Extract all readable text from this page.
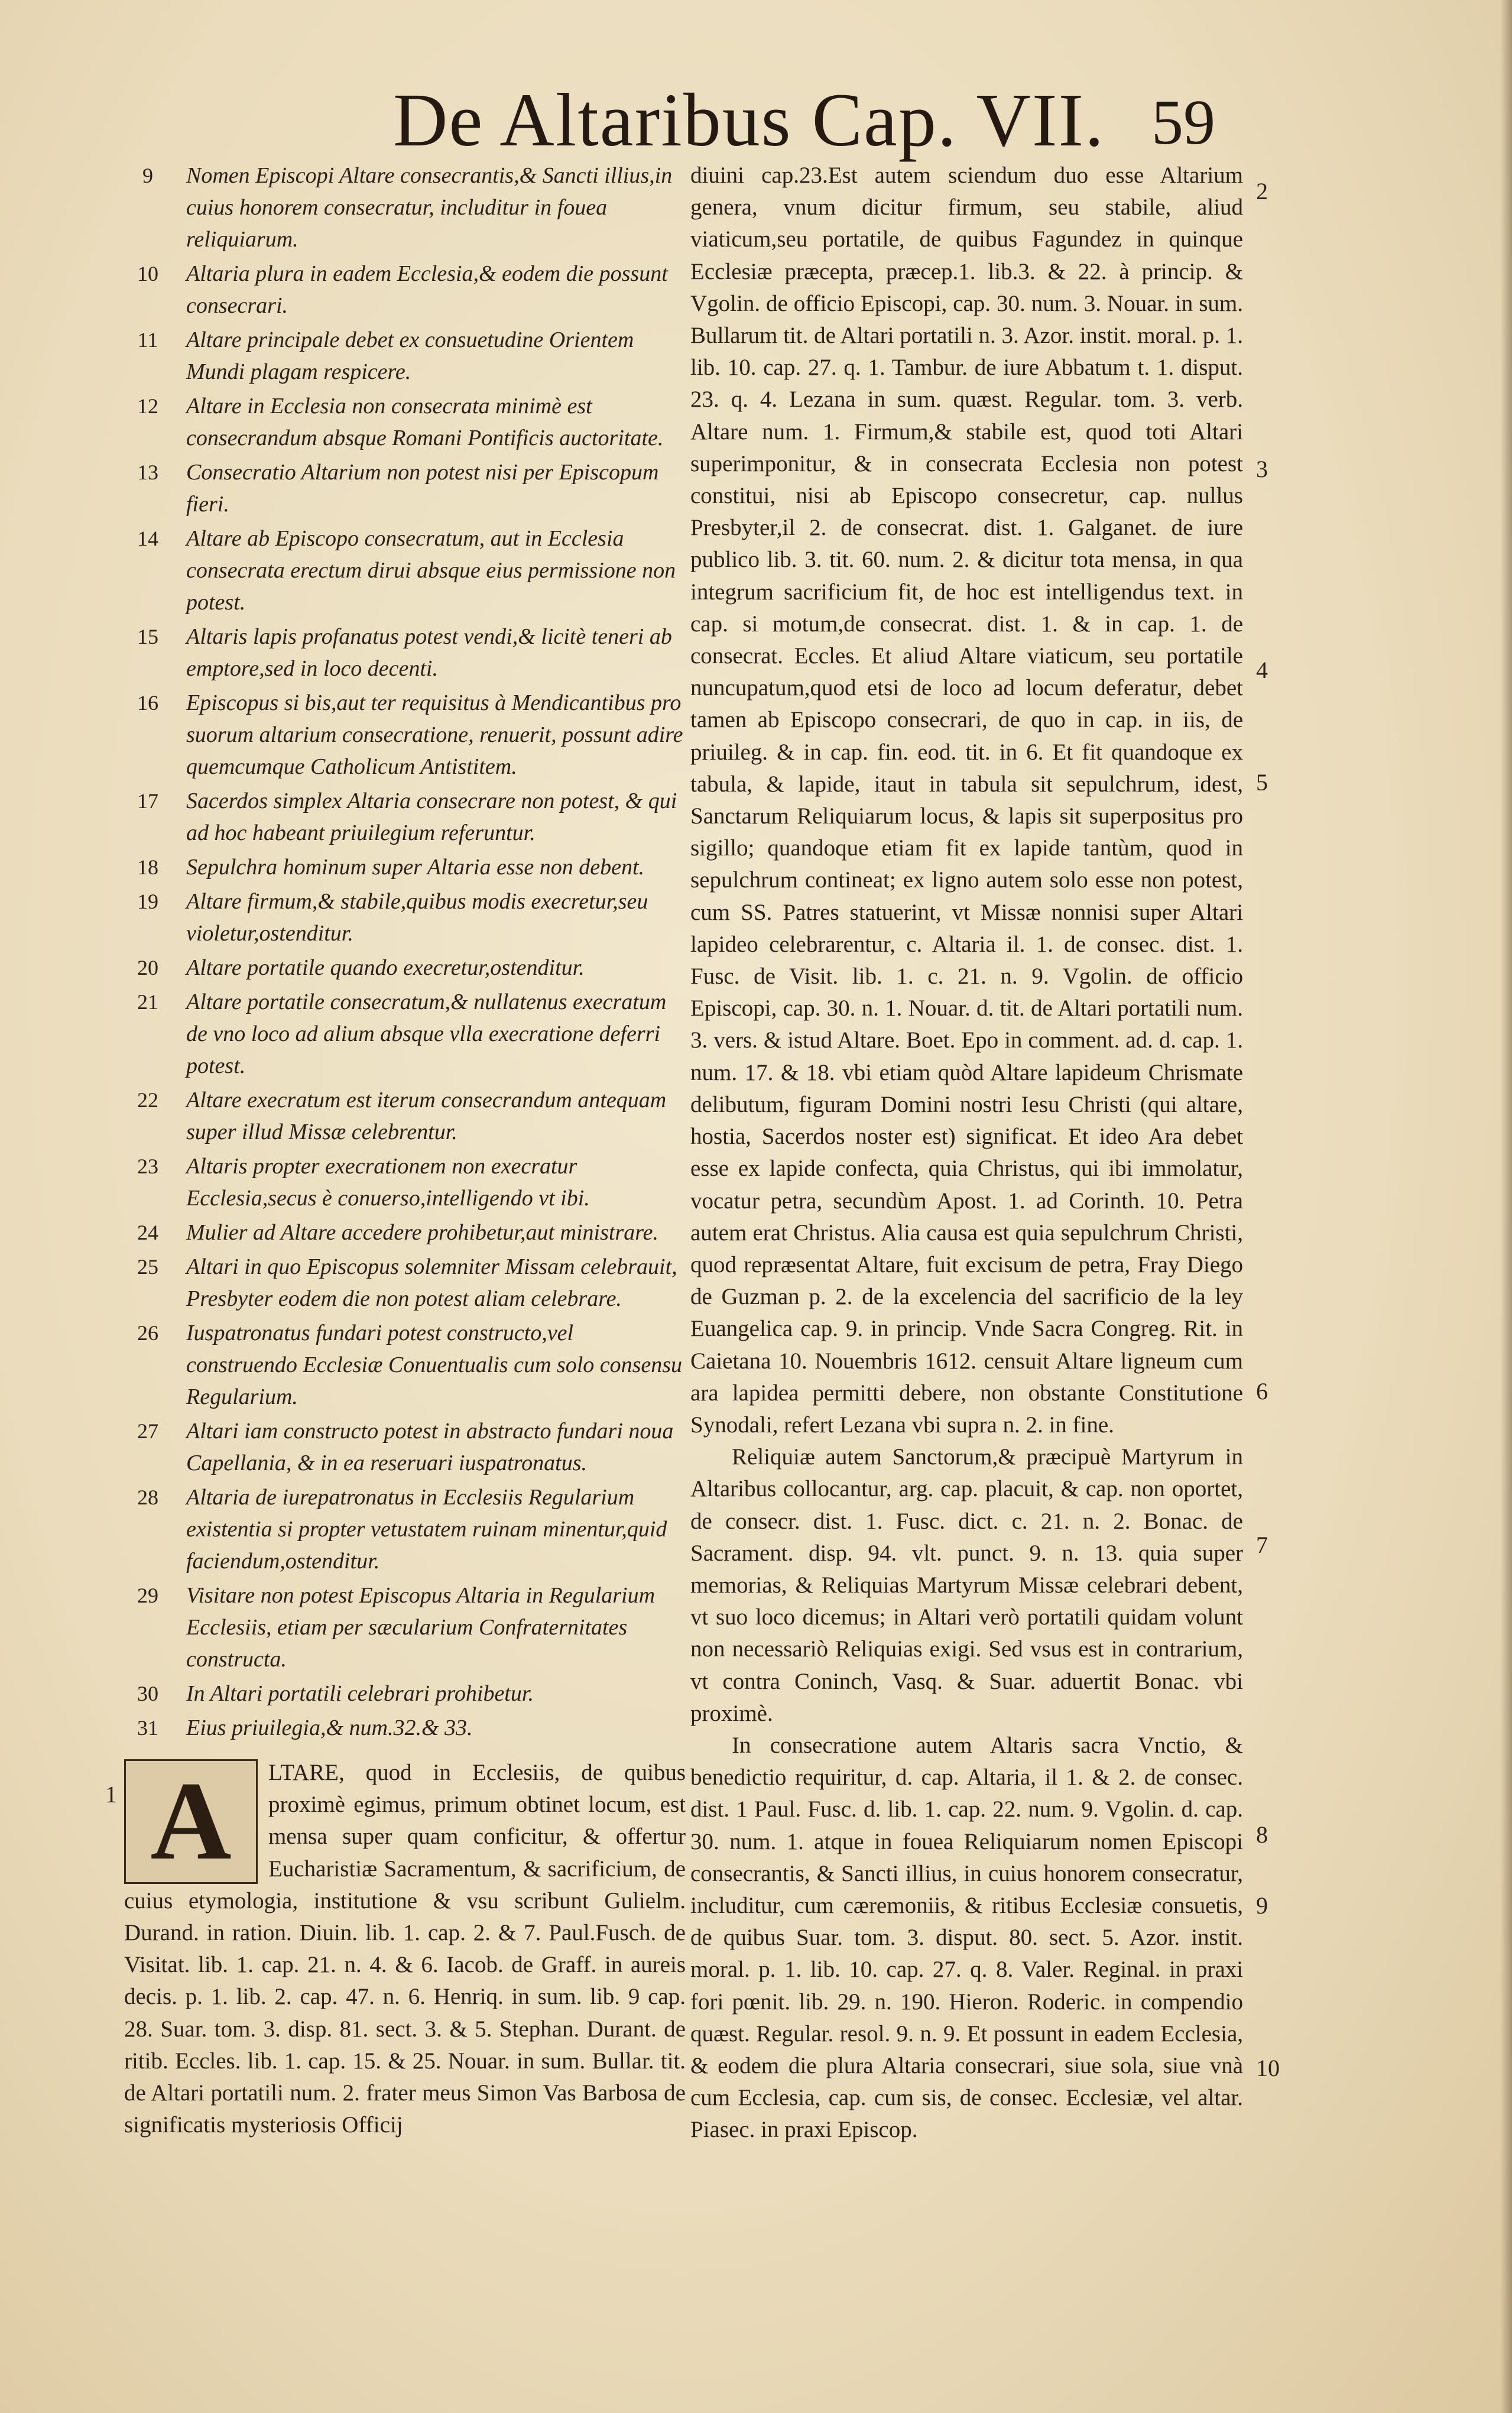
De Altaribus Cap. VII. 59
9	Nomen Episcopi Altare consecrantis,& Sancti illius,in cuius honorem consecratur, includitur in fouea reliquiarum.
10	Altaria plura in eadem Ecclesia,& eodem die possunt consecrari.
11	Altare principale debet ex consuetudine Orientem Mundi plagam respicere.
12	Altare in Ecclesia non consecrata minimè est consecrandum absque Romani Pontificis auctoritate.
13	Consecratio Altarium non potest nisi per Episcopum fieri.
14	Altare ab Episcopo consecratum, aut in Ecclesia consecrata erectum dirui absque eius permissione non potest.
15	Altaris lapis profanatus potest vendi,& licitè teneri ab emptore,sed in loco decenti.
16	Episcopus si bis,aut ter requisitus à Mendicantibus pro suorum altarium consecratione, renuerit, possunt adire quemcumque Catholicum Antistitem.
17	Sacerdos simplex Altaria consecrare non potest, & qui ad hoc habeant priuilegium referuntur.
18	Sepulchra hominum super Altaria esse non debent.
19	Altare firmum,& stabile,quibus modis execretur,seu violetur,ostenditur.
20	Altare portatile quando execretur,ostenditur.
21	Altare portatile consecratum,& nullatenus execratum de vno loco ad alium absque vlla execratione deferri potest.
22	Altare execratum est iterum consecrandum antequam super illud Missæ celebrentur.
23	Altaris propter execrationem non execratur Ecclesia,secus è conuerso,intelligendo vt ibi.
24	Mulier ad Altare accedere prohibetur,aut ministrare.
25	Altari in quo Episcopus solemniter Missam celebrauit, Presbyter eodem die non potest aliam celebrare.
26	Iuspatronatus fundari potest constructo,vel construendo Ecclesiæ Conuentualis cum solo consensu Regularium.
27	Altari iam constructo potest in abstracto fundari noua Capellania, & in ea reseruari iuspatronatus.
28	Altaria de iurepatronatus in Ecclesiis Regularium existentia si propter vetustatem ruinam minentur,quid faciendum,ostenditur.
29	Visitare non potest Episcopus Altaria in Regularium Ecclesiis, etiam per sæcularium Confraternitates constructa.
30	In Altari portatili celebrari prohibetur.
31	Eius priuilegia,& num.32.& 33.
1 A	LTARE, quod in Ecclesiis, de quibus proximè egimus, primum obtinet locum, est mensa super quam conficitur, & offertur Eucharistiæ Sacramentum, & sacrificium, de cuius etymologia, institutione & vsu scribunt Gulielm. Durand. in ration. Diuin. lib. 1. cap. 2. & 7. Paul.Fusch. de Visitat. lib. 1. cap. 21. n. 4. & 6. Iacob. de Graff. in aureis decis. p. 1. lib. 2. cap. 47. n. 6. Henriq. in sum. lib. 9 cap. 28. Suar. tom. 3. disp. 81. sect. 3. & 5. Stephan. Durant. de ritib. Eccles. lib. 1. cap. 15. & 25. Nouar. in sum. Bullar. tit. de Altari portatili num. 2. frater meus Simon Vas Barbosa de significatis mysteriosis Officij

diuini cap.23.Est autem sciendum duo esse Altarium genera, vnum dicitur firmum, seu stabile, aliud viaticum,seu portatile, de quibus Fagundez in quinque Ecclesiæ præcepta, præcep.1. lib.3. & 22. à princip. & Vgolin. de officio Episcopi, cap. 30. num. 3. Nouar. in sum. Bullarum tit. de Altari portatili n. 3. Azor. instit. moral. p. 1. lib. 10. cap. 27. q. 1. Tambur. de iure Abbatum t. 1. disput. 23. q. 4. Lezana in sum. quæst. Regular. tom. 3. verb. Altare num. 1. Firmum,& stabile est, quod toti Altari superimponitur, & in consecrata Ecclesia non potest constitui, nisi ab Episcopo consecretur, cap. nullus Presbyter,il 2. de consecrat. dist. 1. Galganet. de iure publico lib. 3. tit. 60. num. 2. & dicitur tota mensa, in qua integrum sacrificium fit, de hoc est intelligendus text. in cap. si motum,de consecrat. dist. 1. & in cap. 1. de consecrat. Eccles. Et aliud Altare viaticum, seu portatile nuncupatum,quod etsi de loco ad locum deferatur, debet tamen ab Episcopo consecrari, de quo in cap. in iis, de priuileg. & in cap. fin. eod. tit. in 6. Et fit quandoque ex tabula, & lapide, itaut in tabula sit sepulchrum, idest, Sanctarum Reliquiarum locus, & lapis sit superpositus pro sigillo; quandoque etiam fit ex lapide tantùm, quod in sepulchrum contineat; ex ligno autem solo esse non potest, cum SS. Patres statuerint, vt Missæ nonnisi super Altari lapideo celebrarentur, c. Altaria il. 1. de consec. dist. 1. Fusc. de Visit. lib. 1. c. 21. n. 9. Vgolin. de officio Episcopi, cap. 30. n. 1. Nouar. d. tit. de Altari portatili num. 3. vers. & istud Altare. Boet. Epo in comment. ad. d. cap. 1. num. 17. & 18. vbi etiam quòd Altare lapideum Chrismate delibutum, figuram Domini nostri Iesu Christi (qui altare, hostia, Sacerdos noster est) significat. Et ideo Ara debet esse ex lapide confecta, quia Christus, qui ibi immolatur, vocatur petra, secundùm Apost. 1. ad Corinth. 10. Petra autem erat Christus. Alia causa est quia sepulchrum Christi, quod repræsentat Altare, fuit excisum de petra, Fray Diego de Guzman p. 2. de la excelencia del sacrificio de la ley Euangelica cap. 9. in princip. Vnde Sacra Congreg. Rit. in Caietana 10. Nouembris 1612. censuit Altare ligneum cum ara lapidea permitti debere, non obstante Constitutione Synodali, refert Lezana vbi supra n. 2. in fine.

Reliquiæ autem Sanctorum,& præcipuè Martyrum in Altaribus collocantur, arg. cap. placuit, & cap. non oportet, de consecr. dist. 1. Fusc. dict. c. 21. n. 2. Bonac. de Sacrament. disp. 94. vlt. punct. 9. n. 13. quia super memorias, & Reliquias Martyrum Missæ celebrari debent, vt suo loco dicemus; in Altari verò portatili quidam volunt non necessariò Reliquias exigi. Sed vsus est in contrarium, vt contra Coninch, Vasq. & Suar. aduertit Bonac. vbi proximè.

In consecratione autem Altaris sacra Vnctio, & benedictio requiritur, d. cap. Altaria, il 1. & 2. de consec. dist. 1 Paul. Fusc. d. lib. 1. cap. 22. num. 9. Vgolin. d. cap. 30. num. 1. atque in fouea Reliquiarum nomen Episcopi consecrantis, & Sancti illius, in cuius honorem consecratur, includitur, cum cæremoniis, & ritibus Ecclesiæ consuetis, de quibus Suar. tom. 3. disput. 80. sect. 5. Azor. instit. moral. p. 1. lib. 10. cap. 27. q. 8. Valer. Reginal. in praxi fori pœnit. lib. 29. n. 190. Hieron. Roderic. in compendio quæst. Regular. resol. 9. n. 9. Et possunt in eadem Ecclesia, & eodem die plura Altaria consecrari, siue sola, siue vnà cum Ecclesia, cap. cum sis, de consec. Ecclesiæ, vel altar. Piasec. in praxi Episcop.

2
3
4
5
6
7
8
9
10
